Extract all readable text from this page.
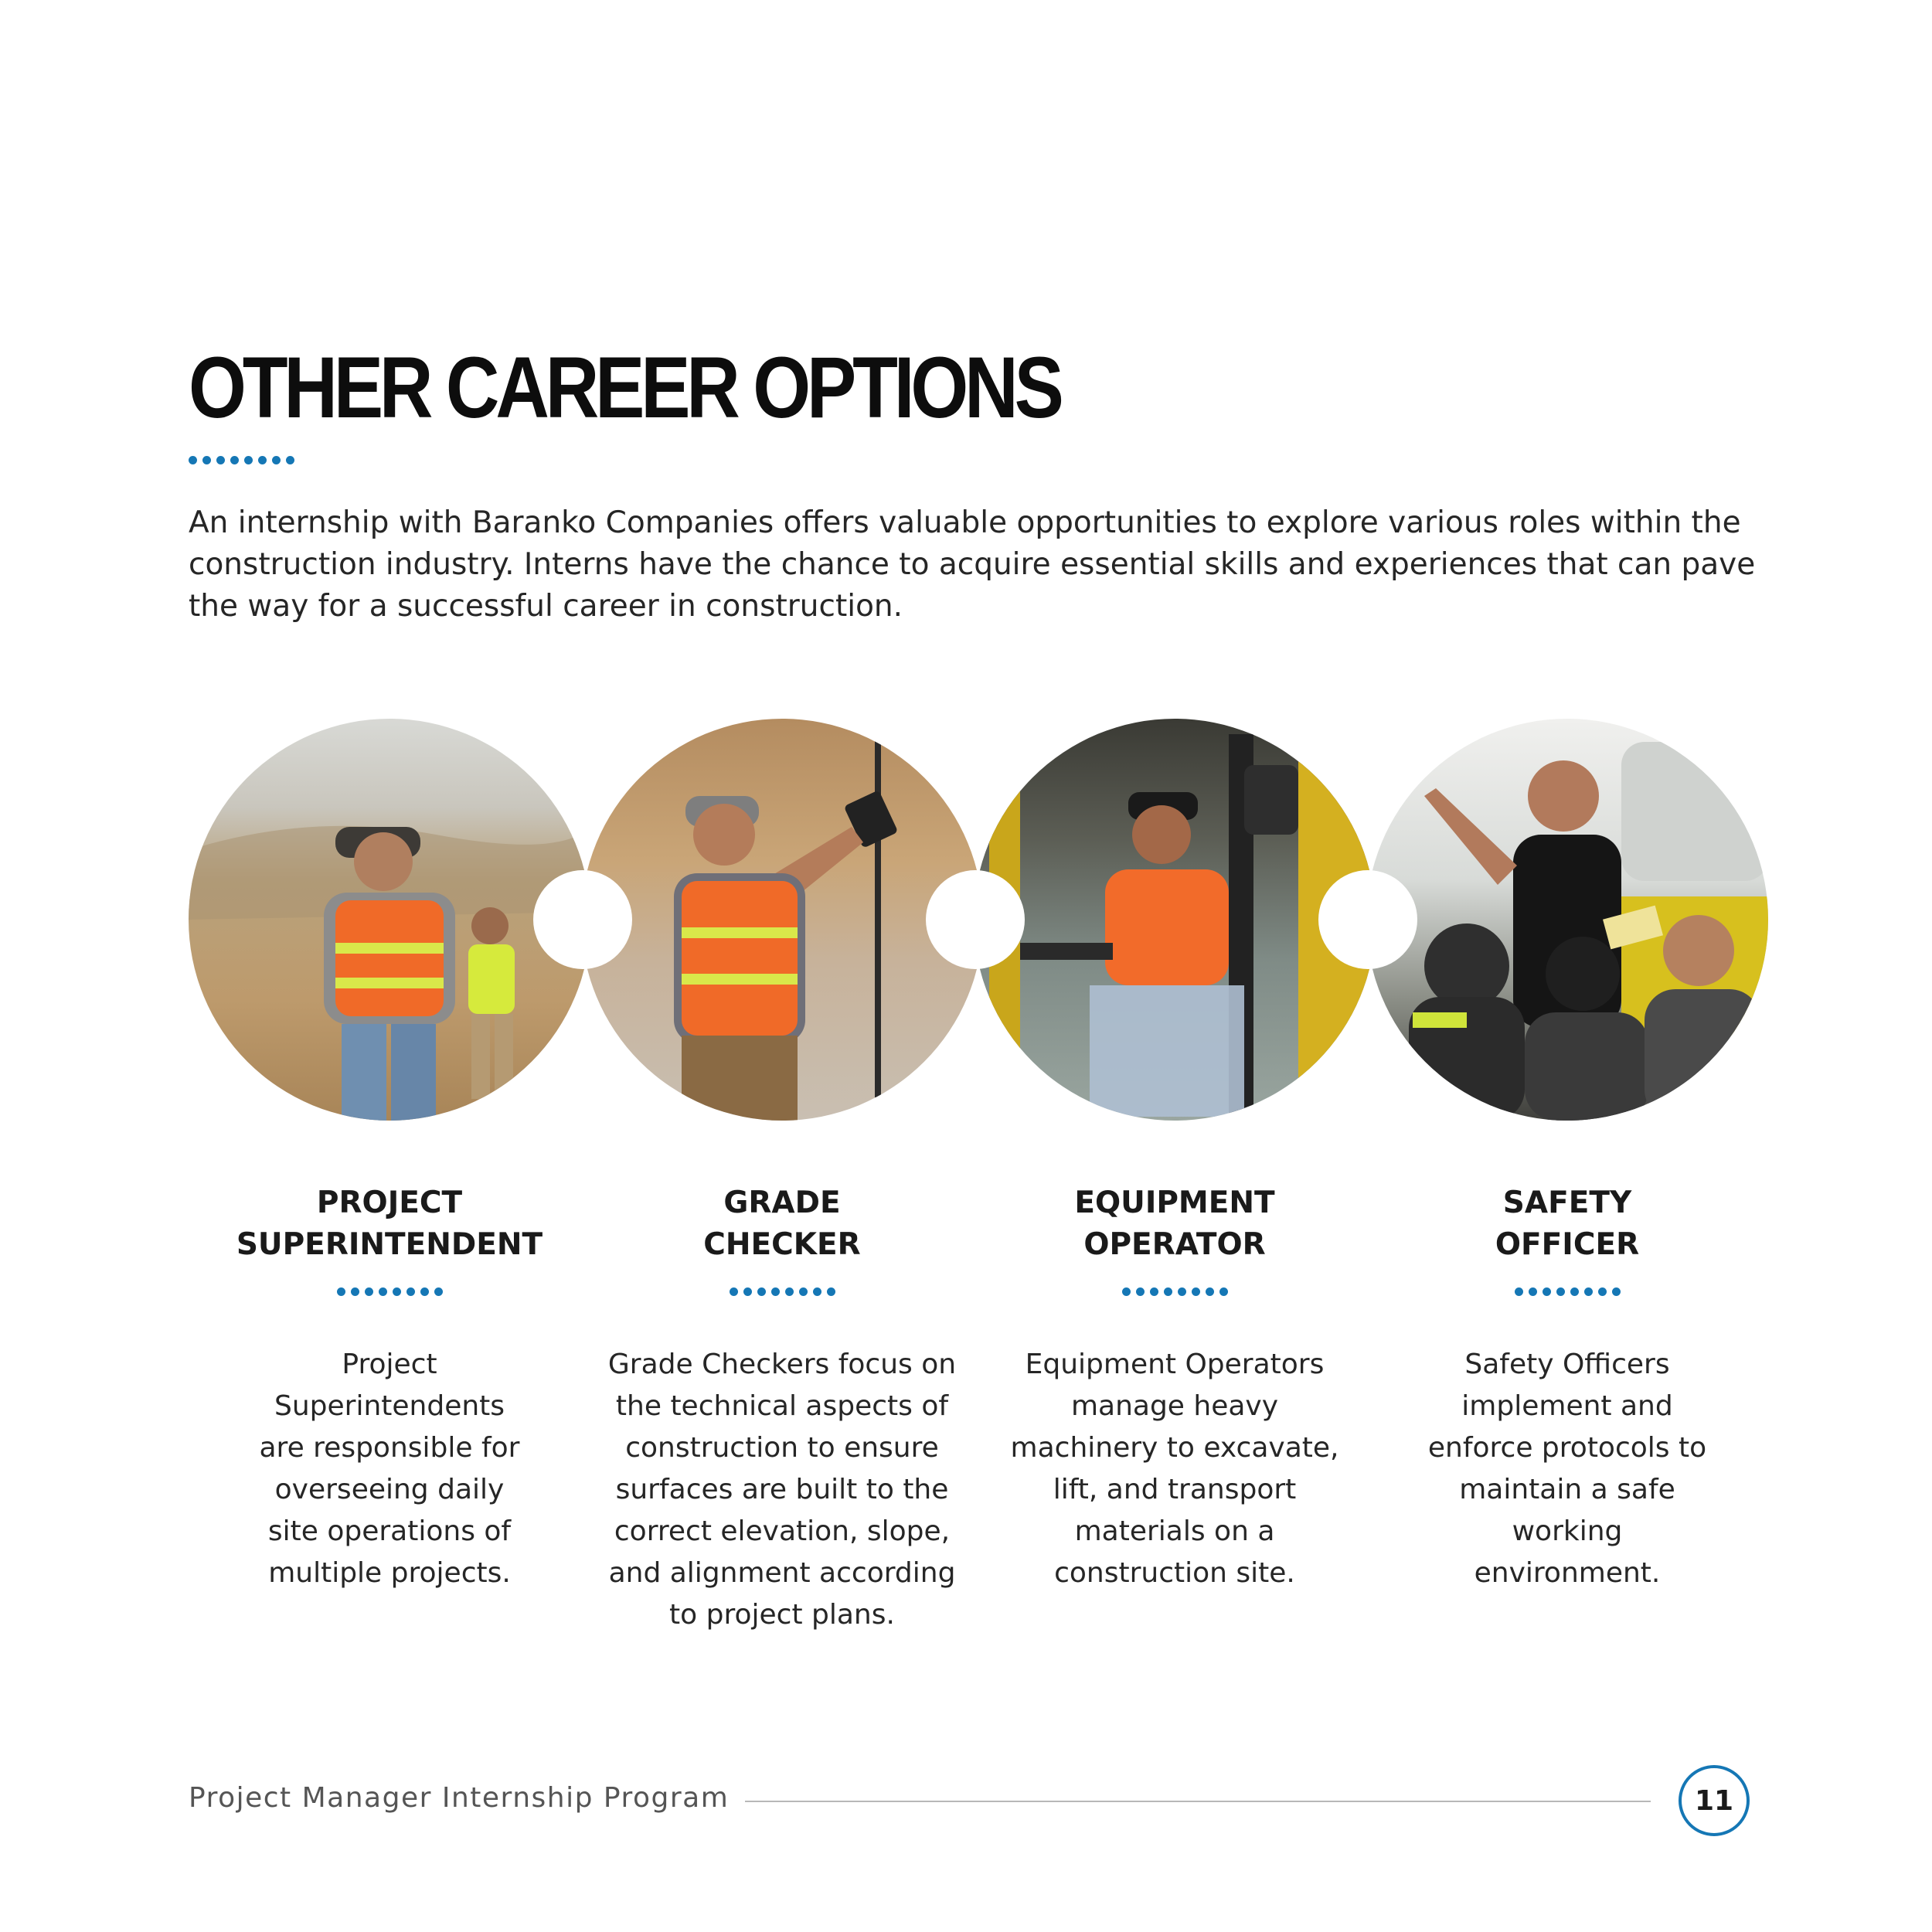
OTHER CAREER OPTIONS

An internship with Baranko Companies offers valuable opportunities to explore various roles within the construction industry. Interns have the chance to acquire essential skills and experiences that can pave the way for a successful career in construction.

PROJECT
SUPERINTENDENT

Project Superintendents are responsible for overseeing daily site operations of multiple projects.

GRADE
CHECKER

Grade Checkers focus on the technical aspects of construction to ensure surfaces are built to the correct elevation, slope, and alignment according to project plans.

EQUIPMENT
OPERATOR

Equipment Operators manage heavy machinery to excavate, lift, and transport materials on a construction site.

SAFETY
OFFICER

Safety Officers implement and enforce protocols to maintain a safe working environment.

Project Manager Internship Program	11
